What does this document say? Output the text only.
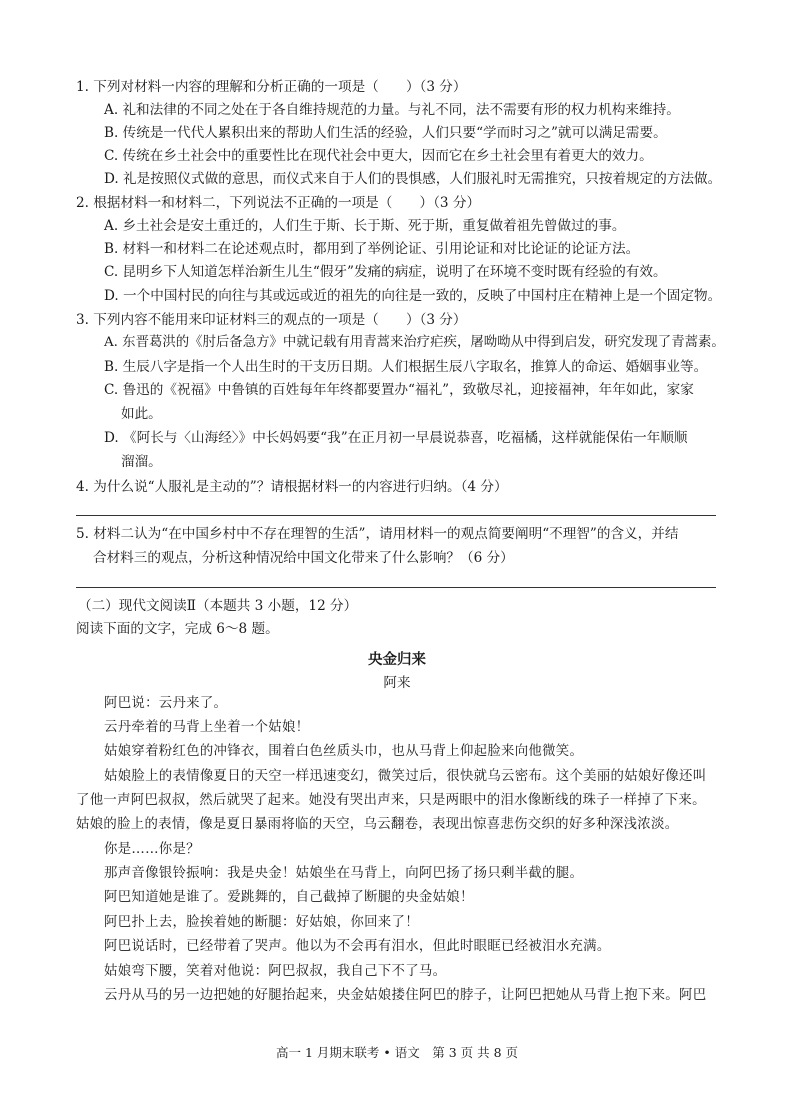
1. 下列对材料一内容的理解和分析正确的一项是（　　）（3 分）
A. 礼和法律的不同之处在于各自维持规范的力量。与礼不同，法不需要有形的权力机构来维持。
B. 传统是一代代人累积出来的帮助人们生活的经验，人们只要“学而时习之”就可以满足需要。
C. 传统在乡土社会中的重要性比在现代社会中更大，因而它在乡土社会里有着更大的效力。
D. 礼是按照仪式做的意思，而仪式来自于人们的畏惧感，人们服礼时无需推究，只按着规定的方法做。
2. 根据材料一和材料二，下列说法不正确的一项是（　　）（3 分）
A. 乡土社会是安土重迁的，人们生于斯、长于斯、死于斯，重复做着祖先曾做过的事。
B. 材料一和材料二在论述观点时，都用到了举例论证、引用论证和对比论证的论证方法。
C. 昆明乡下人知道怎样治新生儿生“假牙”发痛的病症，说明了在环境不变时既有经验的有效。
D. 一个中国村民的向往与其或远或近的祖先的向往是一致的，反映了中国村庄在精神上是一个固定物。
3. 下列内容不能用来印证材料三的观点的一项是（　　）（3 分）
A. 东晋葛洪的《肘后备急方》中就记载有用青蒿来治疗疟疾，屠呦呦从中得到启发，研究发现了青蒿素。
B. 生辰八字是指一个人出生时的干支历日期。人们根据生辰八字取名，推算人的命运、婚姻事业等。
C. 鲁迅的《祝福》中鲁镇的百姓每年年终都要置办“福礼”，致敬尽礼，迎接福神，年年如此，家家
如此。
D. 《阿长与〈山海经〉》中长妈妈要“我”在正月初一早晨说恭喜，吃福橘，这样就能保佑一年顺顺
溜溜。
4. 为什么说“人服礼是主动的”？请根据材料一的内容进行归纳。（4 分）
5. 材料二认为“在中国乡村中不存在理智的生活”，请用材料一的观点简要阐明“不理智”的含义，并结
合材料三的观点，分析这种情况给中国文化带来了什么影响？（6 分）
（二）现代文阅读Ⅱ（本题共 3 小题，12 分）
阅读下面的文字，完成 6～8 题。
央金归来
阿来
阿巴说：云丹来了。
云丹牵着的马背上坐着一个姑娘！
姑娘穿着粉红色的冲锋衣，围着白色丝质头巾，也从马背上仰起脸来向他微笑。
姑娘脸上的表情像夏日的天空一样迅速变幻，微笑过后，很快就乌云密布。这个美丽的姑娘好像还叫
了他一声阿巴叔叔，然后就哭了起来。她没有哭出声来，只是两眼中的泪水像断线的珠子一样掉了下来。
姑娘的脸上的表情，像是夏日暴雨将临的天空，乌云翻卷，表现出惊喜悲伤交织的好多种深浅浓淡。
你是……你是？
那声音像银铃振响：我是央金！姑娘坐在马背上，向阿巴扬了扬只剩半截的腿。
阿巴知道她是谁了。爱跳舞的，自己截掉了断腿的央金姑娘！
阿巴扑上去，脸挨着她的断腿：好姑娘，你回来了！
阿巴说话时，已经带着了哭声。他以为不会再有泪水，但此时眼眶已经被泪水充满。
姑娘弯下腰，笑着对他说：阿巴叔叔，我自己下不了马。
云丹从马的另一边把她的好腿抬起来，央金姑娘搂住阿巴的脖子，让阿巴把她从马背上抱下来。阿巴
高一 1 月期末联考 • 语文　第 3 页 共 8 页
